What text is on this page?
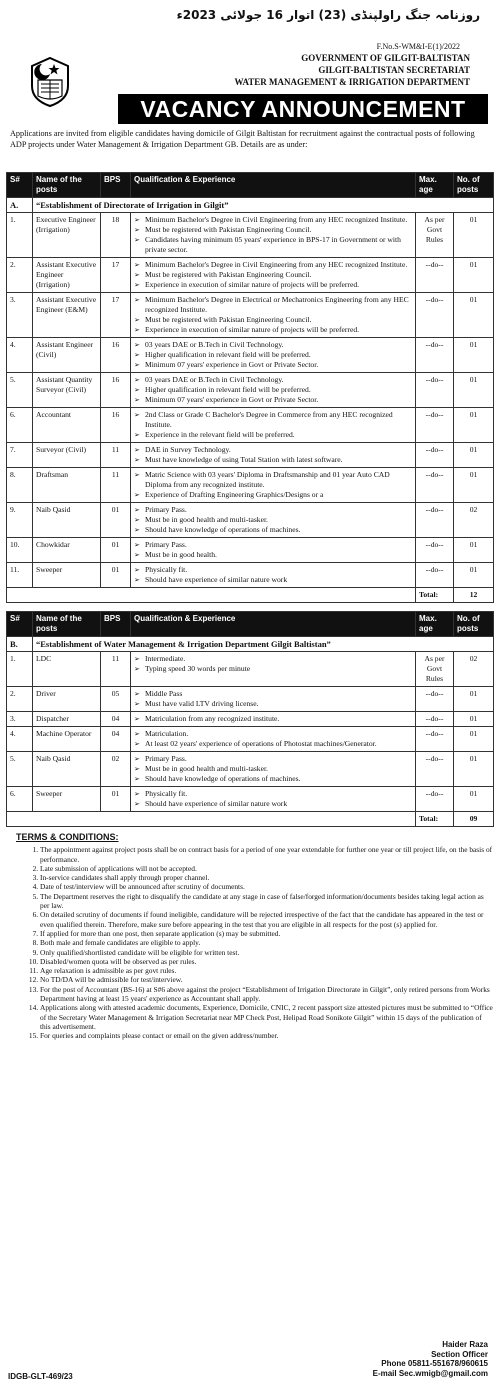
روزنامہ جنگ راولپنڈی (23) اتوار 16 جولائی 2023ء
F.No.S-WM&I-E(1)/2022
GOVERNMENT OF GILGIT-BALTISTAN
GILGIT-BALTISTAN SECRETARIAT
WATER MANAGEMENT & IRRIGATION DEPARTMENT
VACANCY ANNOUNCEMENT
Applications are invited from eligible candidates having domicile of Gilgit Baltistan for recruitment against the contractual posts of following ADP projects under Water Management & Irrigation Department GB. Details are as under:
S#	Name of the posts	BPS	Qualification & Experience	Max. age	No. of posts
A.	“Establishment of Directorate of Irrigation in Gilgit”				
1.	Executive Engineer (Irrigation)	18	➢ Minimum Bachelor's Degree in Civil Engineering from any HEC recognized Institute.
➢ Must be registered with Pakistan Engineering Council.
➢ Candidates having minimum 05 years' experience in BPS-17 in Government or with private sector.	As per Govt Rules	01
2.	Assistant Executive Engineer (Irrigation)	17	➢ Minimum Bachelor's Degree in Civil Engineering from any HEC recognized Institute.
➢ Must be registered with Pakistan Engineering Council.
➢ Experience in execution of similar nature of projects will be preferred.	--do--	01
3.	Assistant Executive Engineer (E&M)	17	➢ Minimum Bachelor's Degree in Electrical or Mechatronics Engineering from any HEC recognized Institute.
➢ Must be registered with Pakistan Engineering Council.
➢ Experience in execution of similar nature of projects will be preferred.	--do--	01
4.	Assistant Engineer (Civil)	16	➢ 03 years DAE or B.Tech in Civil Technology.
➢ Higher qualification in relevant field will be preferred.
➢ Minimum 07 years' experience in Govt or Private Sector.	--do--	01
5.	Assistant Quantity Surveyor (Civil)	16	➢ 03 years DAE or B.Tech in Civil Technology.
➢ Higher qualification in relevant field will be preferred.
➢ Minimum 07 years' experience in Govt or Private Sector.	--do--	01
6.	Accountant	16	➢ 2nd Class or Grade C Bachelor's Degree in Commerce from any HEC recognized Institute.
➢ Experience in the relevant field will be preferred.	--do--	01
7.	Surveyor (Civil)	11	➢ DAE in Survey Technology.
➢ Must have knowledge of using Total Station with latest software.	--do--	01
8.	Draftsman	11	➢ Matric Science with 03 years' Diploma in Draftsmanship and 01 year Auto CAD Diploma from any recognized institute.
➢ Experience of Drafting Engineering Graphics/Designs or a	--do--	01
9.	Naib Qasid	01	➢ Primary Pass.
➢ Must be in good health and multi-tasker.
➢ Should have knowledge of operations of machines.	--do--	02
10.	Chowkidar	01	➢ Primary Pass.
➢ Must be in good health.	--do--	01
11.	Sweeper	01	➢ Physically fit.
➢ Should have experience of similar nature work	--do--	01
				Total:	12
S#	Name of the posts	BPS	Qualification & Experience	Max. age	No. of posts
B.	“Establishment of Water Management & Irrigation Department Gilgit Baltistan”				
1.	LDC	11	➢ Intermediate.
➢ Typing speed 30 words per minute	As per Govt Rules	02
2.	Driver	05	➢ Middle Pass
➢ Must have valid LTV driving license.	--do--	01
3.	Dispatcher	04	➢ Matriculation from any recognized institute.	--do--	01
4.	Machine Operator	04	➢ Matriculation.
➢ At least 02 years' experience of operations of Photostat machines/Generator.	--do--	01
5.	Naib Qasid	02	➢ Primary Pass.
➢ Must be in good health and multi-tasker.
➢ Should have knowledge of operations of machines.	--do--	01
6.	Sweeper	01	➢ Physically fit.
➢ Should have experience of similar nature work	--do--	01
				Total:	09
TERMS & CONDITIONS:
1. The appointment against project posts shall be on contract basis for a period of one year extendable for further one year or till project life, on the basis of performance.
2. Late submission of applications will not be accepted.
3. In-service candidates shall apply through proper channel.
4. Date of test/interview will be announced after scrutiny of documents.
5. The Department reserves the right to disqualify the candidate at any stage in case of false/forged information/documents besides taking legal action as per law.
6. On detailed scrutiny of documents if found ineligible, candidature will be rejected irrespective of the fact that the candidate has appeared in the test or even qualified therein. Therefore, make sure before appearing in the test that you are eligible in all respects for the post (s) applied for.
7. If applied for more than one post, then separate application (s) may be submitted.
8. Both male and female candidates are eligible to apply.
9. Only qualified/shortlisted candidate will be eligible for written test.
10. Disabled/women quota will be observed as per rules.
11. Age relaxation is admissible as per govt rules.
12. No TD/DA will be admissible for test/interview.
13. For the post of Accountant (BS-16) at S#6 above against the project “Establishment of Irrigation Directorate in Gilgit”, only retired persons from Works Department having at least 15 years' experience as Accountant shall apply.
14. Applications along with attested academic documents, Experience, Domicile, CNIC, 2 recent passport size attested pictures must be submitted to “Office of the Secretary Water Management & Irrigation Secretariat near MP Check Post, Helipad Road Sonikote Gilgit” within 15 days of the publication of this advertisement.
15. For queries and complaints please contact or email on the given address/number.
Haider Raza
Section Officer
Phone 05811-551678/960615
E-mail Sec.wmigb@gmail.com
IDGB-GLT-469/23
